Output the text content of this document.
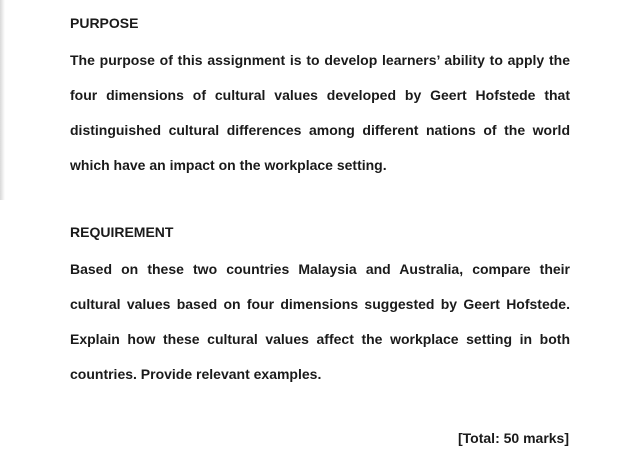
PURPOSE
The purpose of this assignment is to develop learners’ ability to apply the
four dimensions of cultural values developed by Geert Hofstede that
distinguished cultural differences among different nations of the world
which have an impact on the workplace setting.
REQUIREMENT
Based on these two countries Malaysia and Australia, compare their
cultural values based on four dimensions suggested by Geert Hofstede.
Explain how these cultural values affect the workplace setting in both
countries. Provide relevant examples.
[Total: 50 marks]
